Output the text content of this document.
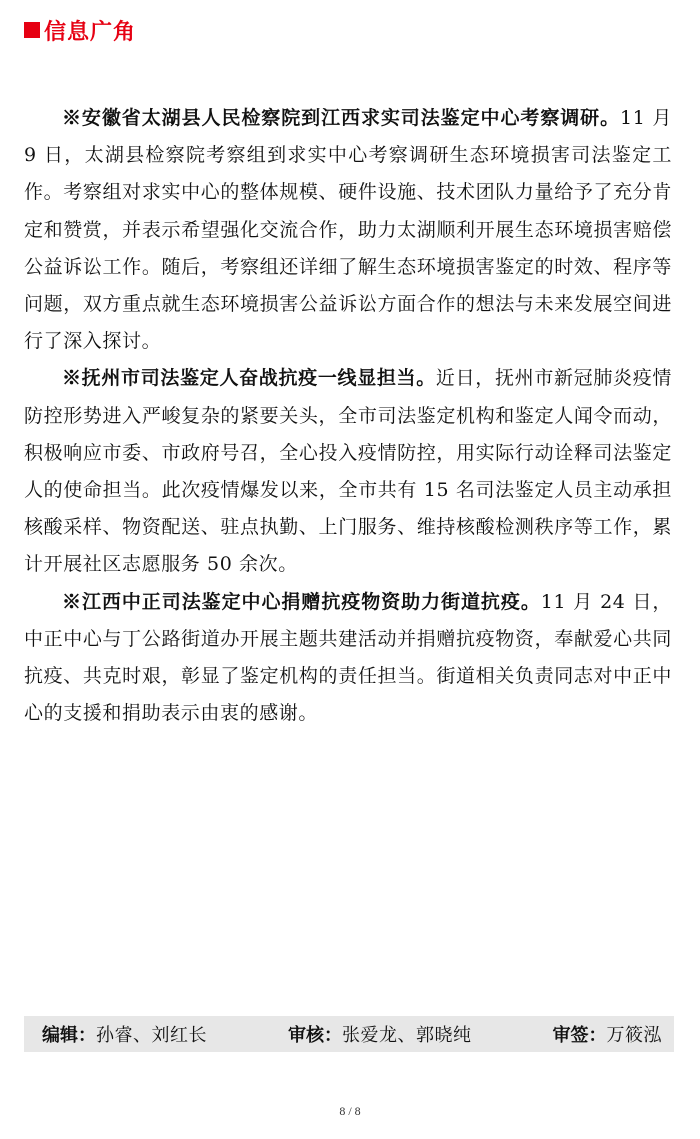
信息广角

※安徽省太湖县人民检察院到江西求实司法鉴定中心考察调研。11 月 9 日，太湖县检察院考察组到求实中心考察调研生态环境损害司法鉴定工作。考察组对求实中心的整体规模、硬件设施、技术团队力量给予了充分肯定和赞赏，并表示希望强化交流合作，助力太湖顺利开展生态环境损害赔偿公益诉讼工作。随后，考察组还详细了解生态环境损害鉴定的时效、程序等问题，双方重点就生态环境损害公益诉讼方面合作的想法与未来发展空间进行了深入探讨。

※抚州市司法鉴定人奋战抗疫一线显担当。近日，抚州市新冠肺炎疫情防控形势进入严峻复杂的紧要关头，全市司法鉴定机构和鉴定人闻令而动，积极响应市委、市政府号召，全心投入疫情防控，用实际行动诠释司法鉴定人的使命担当。此次疫情爆发以来，全市共有 15 名司法鉴定人员主动承担核酸采样、物资配送、驻点执勤、上门服务、维持核酸检测秩序等工作，累计开展社区志愿服务 50 余次。

※江西中正司法鉴定中心捐赠抗疫物资助力街道抗疫。11 月 24 日，中正中心与丁公路街道办开展主题共建活动并捐赠抗疫物资，奉献爱心共同抗疫、共克时艰，彰显了鉴定机构的责任担当。街道相关负责同志对中正中心的支援和捐助表示由衷的感谢。

编辑： 孙睿、刘红长	审核： 张爱龙、郭晓纯	审签： 万筱泓
8 / 8
